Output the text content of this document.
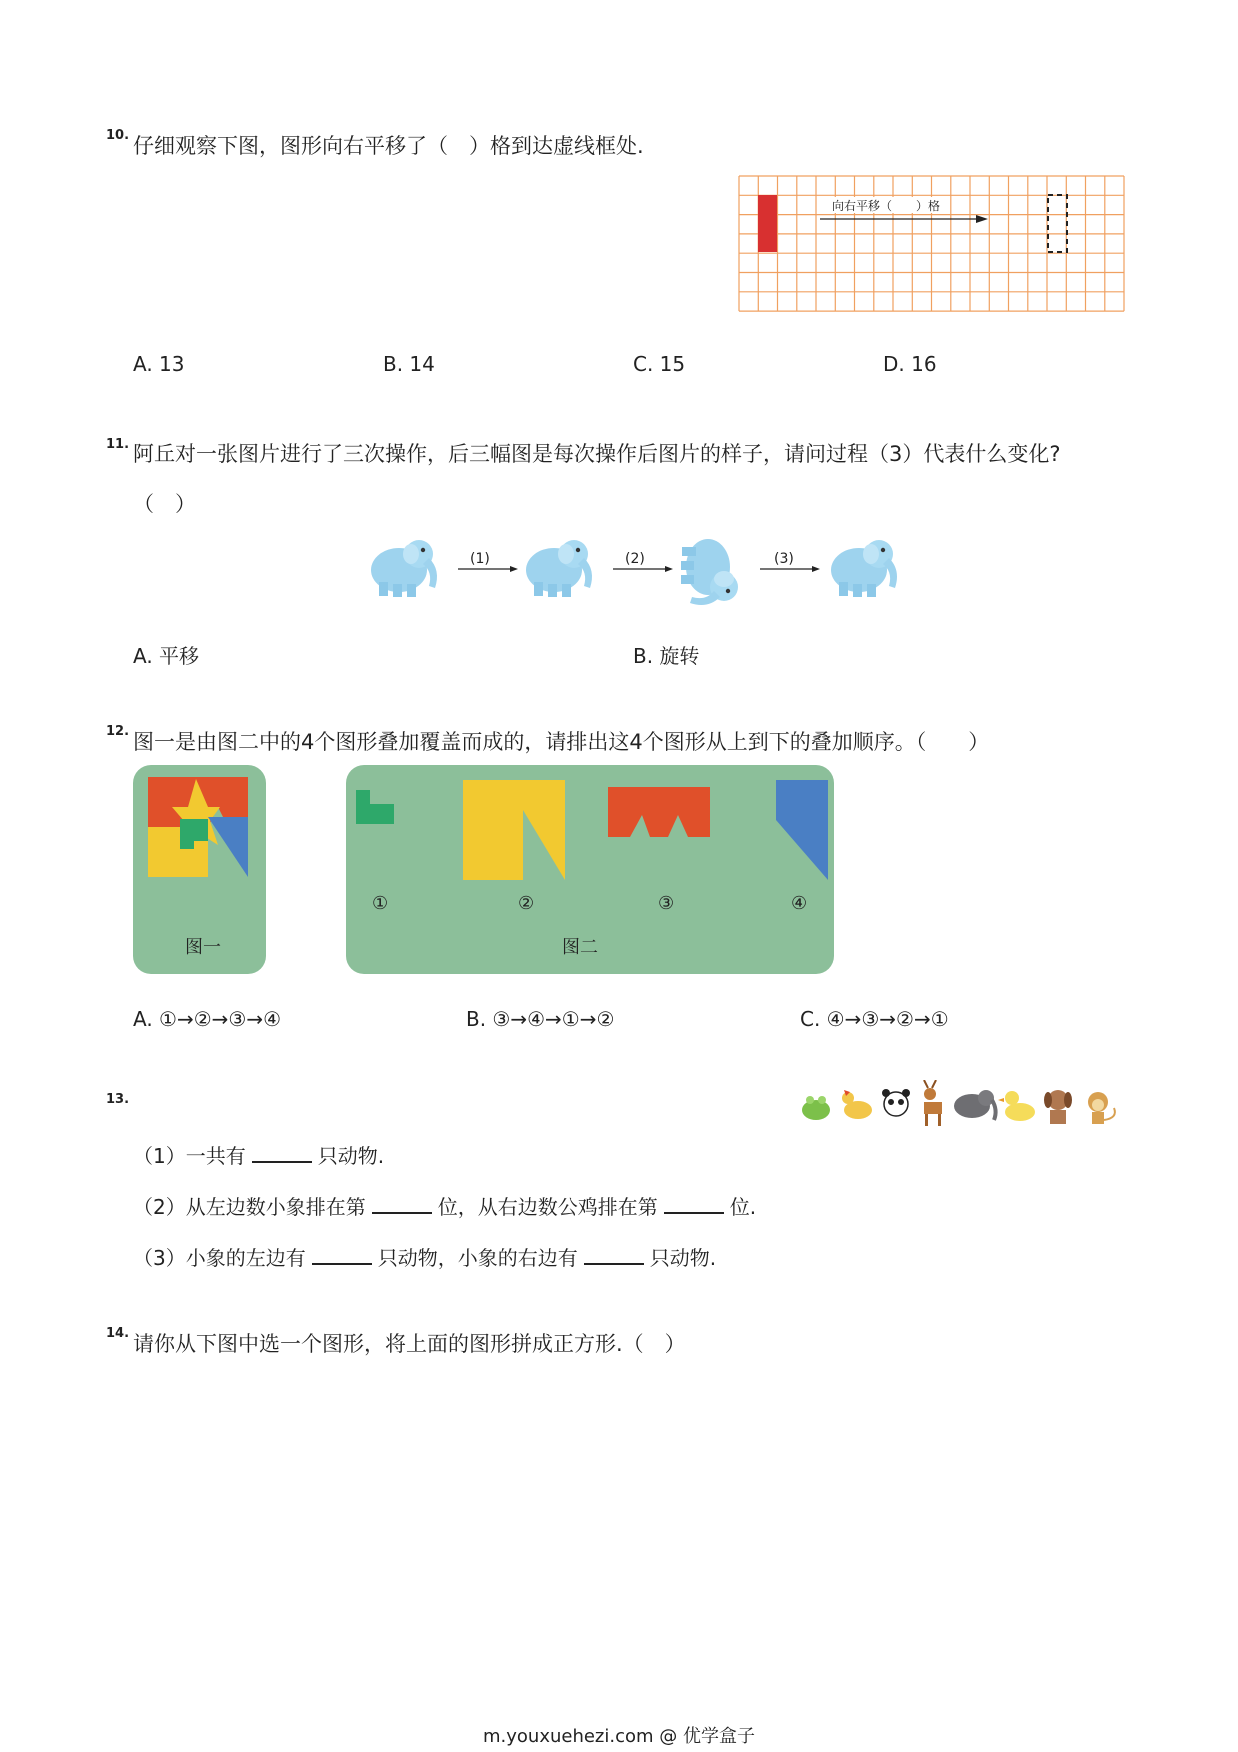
10. 仔细观察下图，图形向右平移了（　）格到达虚线框处.
向右平移（　　）格
A. 13	B. 14	C. 15	D. 16
11. 阿丘对一张图片进行了三次操作，后三幅图是每次操作后图片的样子，请问过程（3）代表什么变化?
（　）
(1)	(2)	(3)
A. 平移	B. 旋转
12. 图一是由图二中的4个图形叠加覆盖而成的，请排出这4个图形从上到下的叠加顺序。（　　）
图一
①	②	③	④
图二
A. ①→②→③→④	B. ③→④→①→②	C. ④→③→②→①
13.
（1）一共有	只动物.
（2）从左边数小象排在第	位，从右边数公鸡排在第	位.
（3）小象的左边有	只动物，小象的右边有	只动物.
14. 请你从下图中选一个图形，将上面的图形拼成正方形.（　）
m.youxuehezi.com @ 优学盒子
